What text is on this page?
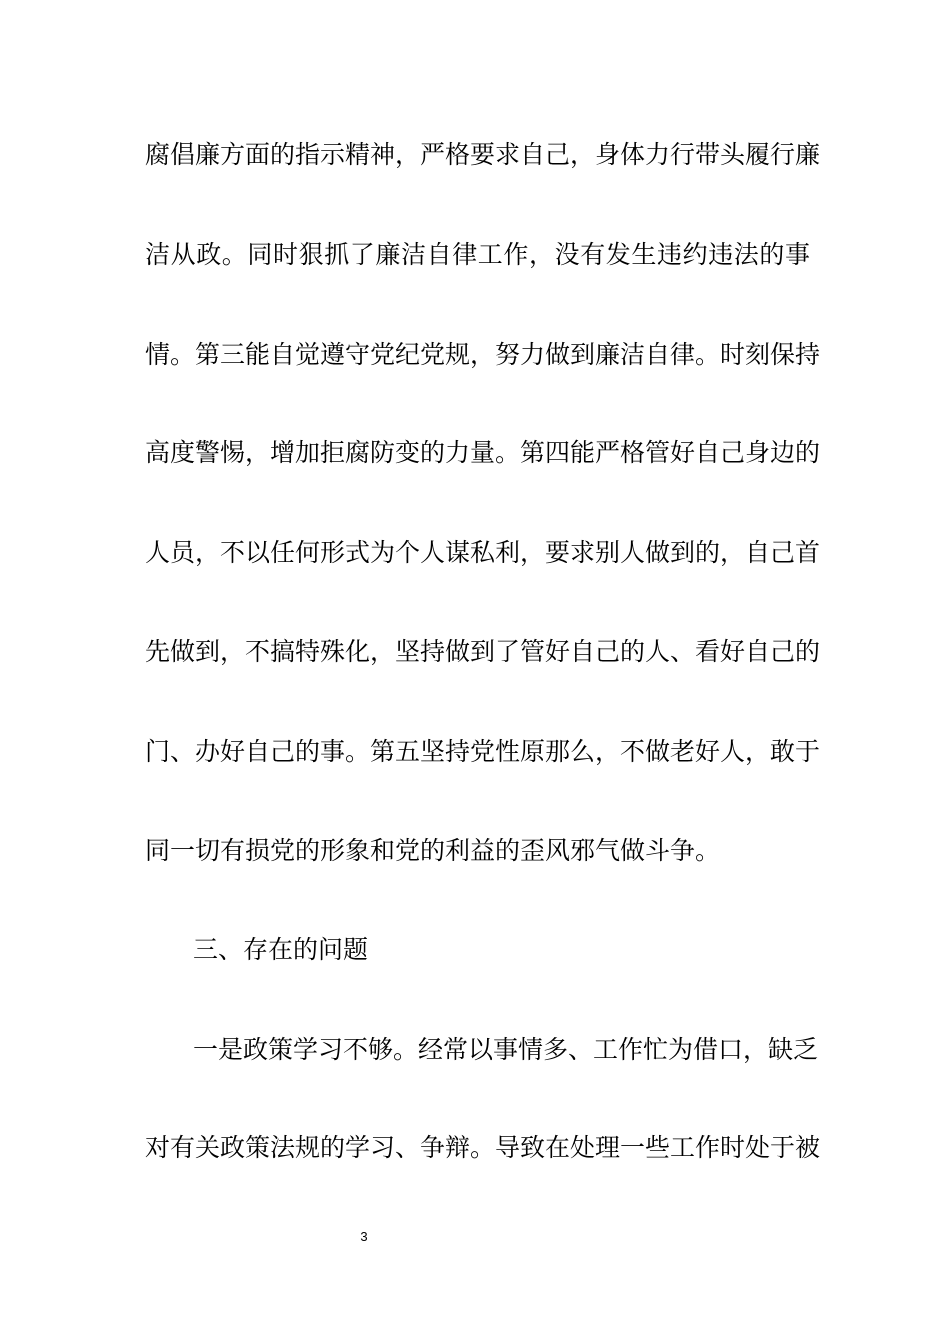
腐倡廉方面的指示精神，严格要求自己，身体力行带头履行廉
洁从政。同时狠抓了廉洁自律工作，没有发生违约违法的事
情。第三能自觉遵守党纪党规，努力做到廉洁自律。时刻保持
高度警惕，增加拒腐防变的力量。第四能严格管好自己身边的
人员，不以任何形式为个人谋私利，要求别人做到的，自己首
先做到，不搞特殊化，坚持做到了管好自己的人、看好自己的
门、办好自己的事。第五坚持党性原那么，不做老好人，敢于
同一切有损党的形象和党的利益的歪风邪气做斗争。
三、存在的问题
一是政策学习不够。经常以事情多、工作忙为借口，缺乏
对有关政策法规的学习、争辩。导致在处理一些工作时处于被
3
